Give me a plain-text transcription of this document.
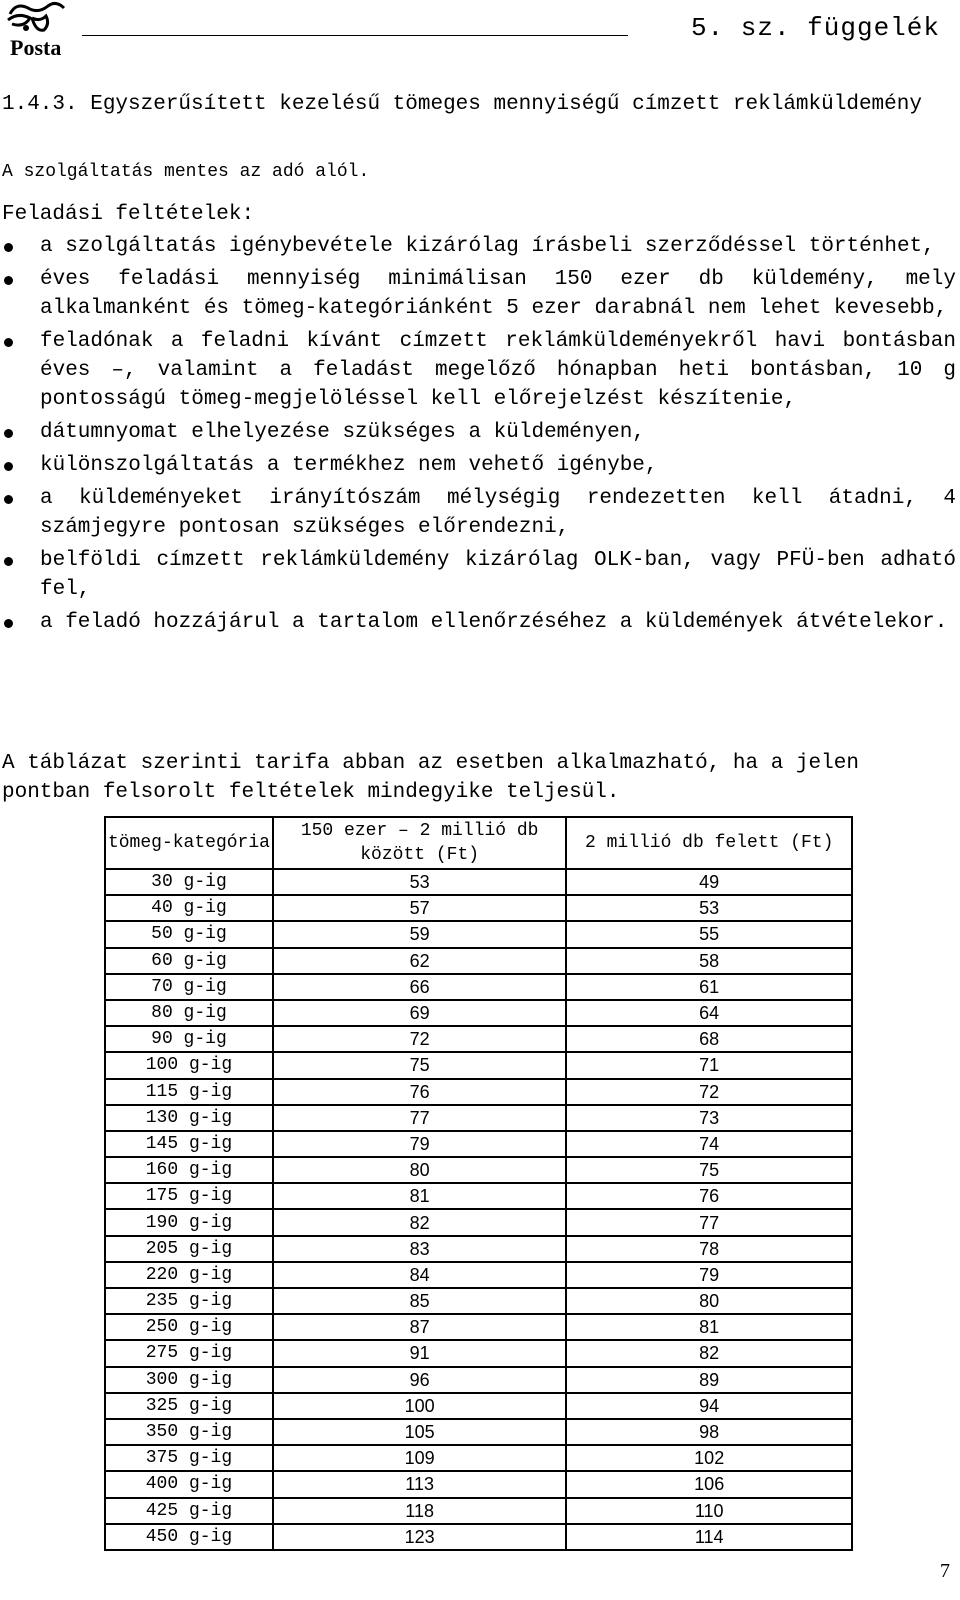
Posta
5. sz. függelék
1.4.3. Egyszerűsített kezelésű tömeges mennyiségű címzett reklámküldemény
A szolgáltatás mentes az adó alól.
Feladási feltételek:
a szolgáltatás igénybevétele kizárólag írásbeli szerződéssel történhet,
éves feladási mennyiség minimálisan 150 ezer db küldemény, mely alkalmanként és tömeg-kategóriánként 5 ezer darabnál nem lehet kevesebb,
feladónak a feladni kívánt címzett reklámküldeményekről havi bontásban éves –, valamint a feladást megelőző hónapban heti bontásban, 10 g pontosságú tömeg-megjelöléssel kell előrejelzést készítenie,
dátumnyomat elhelyezése szükséges a küldeményen,
különszolgáltatás a termékhez nem vehető igénybe,
a küldeményeket irányítószám mélységig rendezetten kell átadni, 4 számjegyre pontosan szükséges előrendezni,
belföldi címzett reklámküldemény kizárólag OLK-ban, vagy PFÜ-ben adható fel,
a feladó hozzájárul a tartalom ellenőrzéséhez a küldemények átvételekor.
A táblázat szerinti tarifa abban az esetben alkalmazható, ha a jelen pontban felsorolt feltételek mindegyike teljesül.
tömeg-kategória	150 ezer – 2 millió db között (Ft)	2 millió db felett (Ft)
30 g-ig	53	49
40 g-ig	57	53
50 g-ig	59	55
60 g-ig	62	58
70 g-ig	66	61
80 g-ig	69	64
90 g-ig	72	68
100 g-ig	75	71
115 g-ig	76	72
130 g-ig	77	73
145 g-ig	79	74
160 g-ig	80	75
175 g-ig	81	76
190 g-ig	82	77
205 g-ig	83	78
220 g-ig	84	79
235 g-ig	85	80
250 g-ig	87	81
275 g-ig	91	82
300 g-ig	96	89
325 g-ig	100	94
350 g-ig	105	98
375 g-ig	109	102
400 g-ig	113	106
425 g-ig	118	110
450 g-ig	123	114
7
